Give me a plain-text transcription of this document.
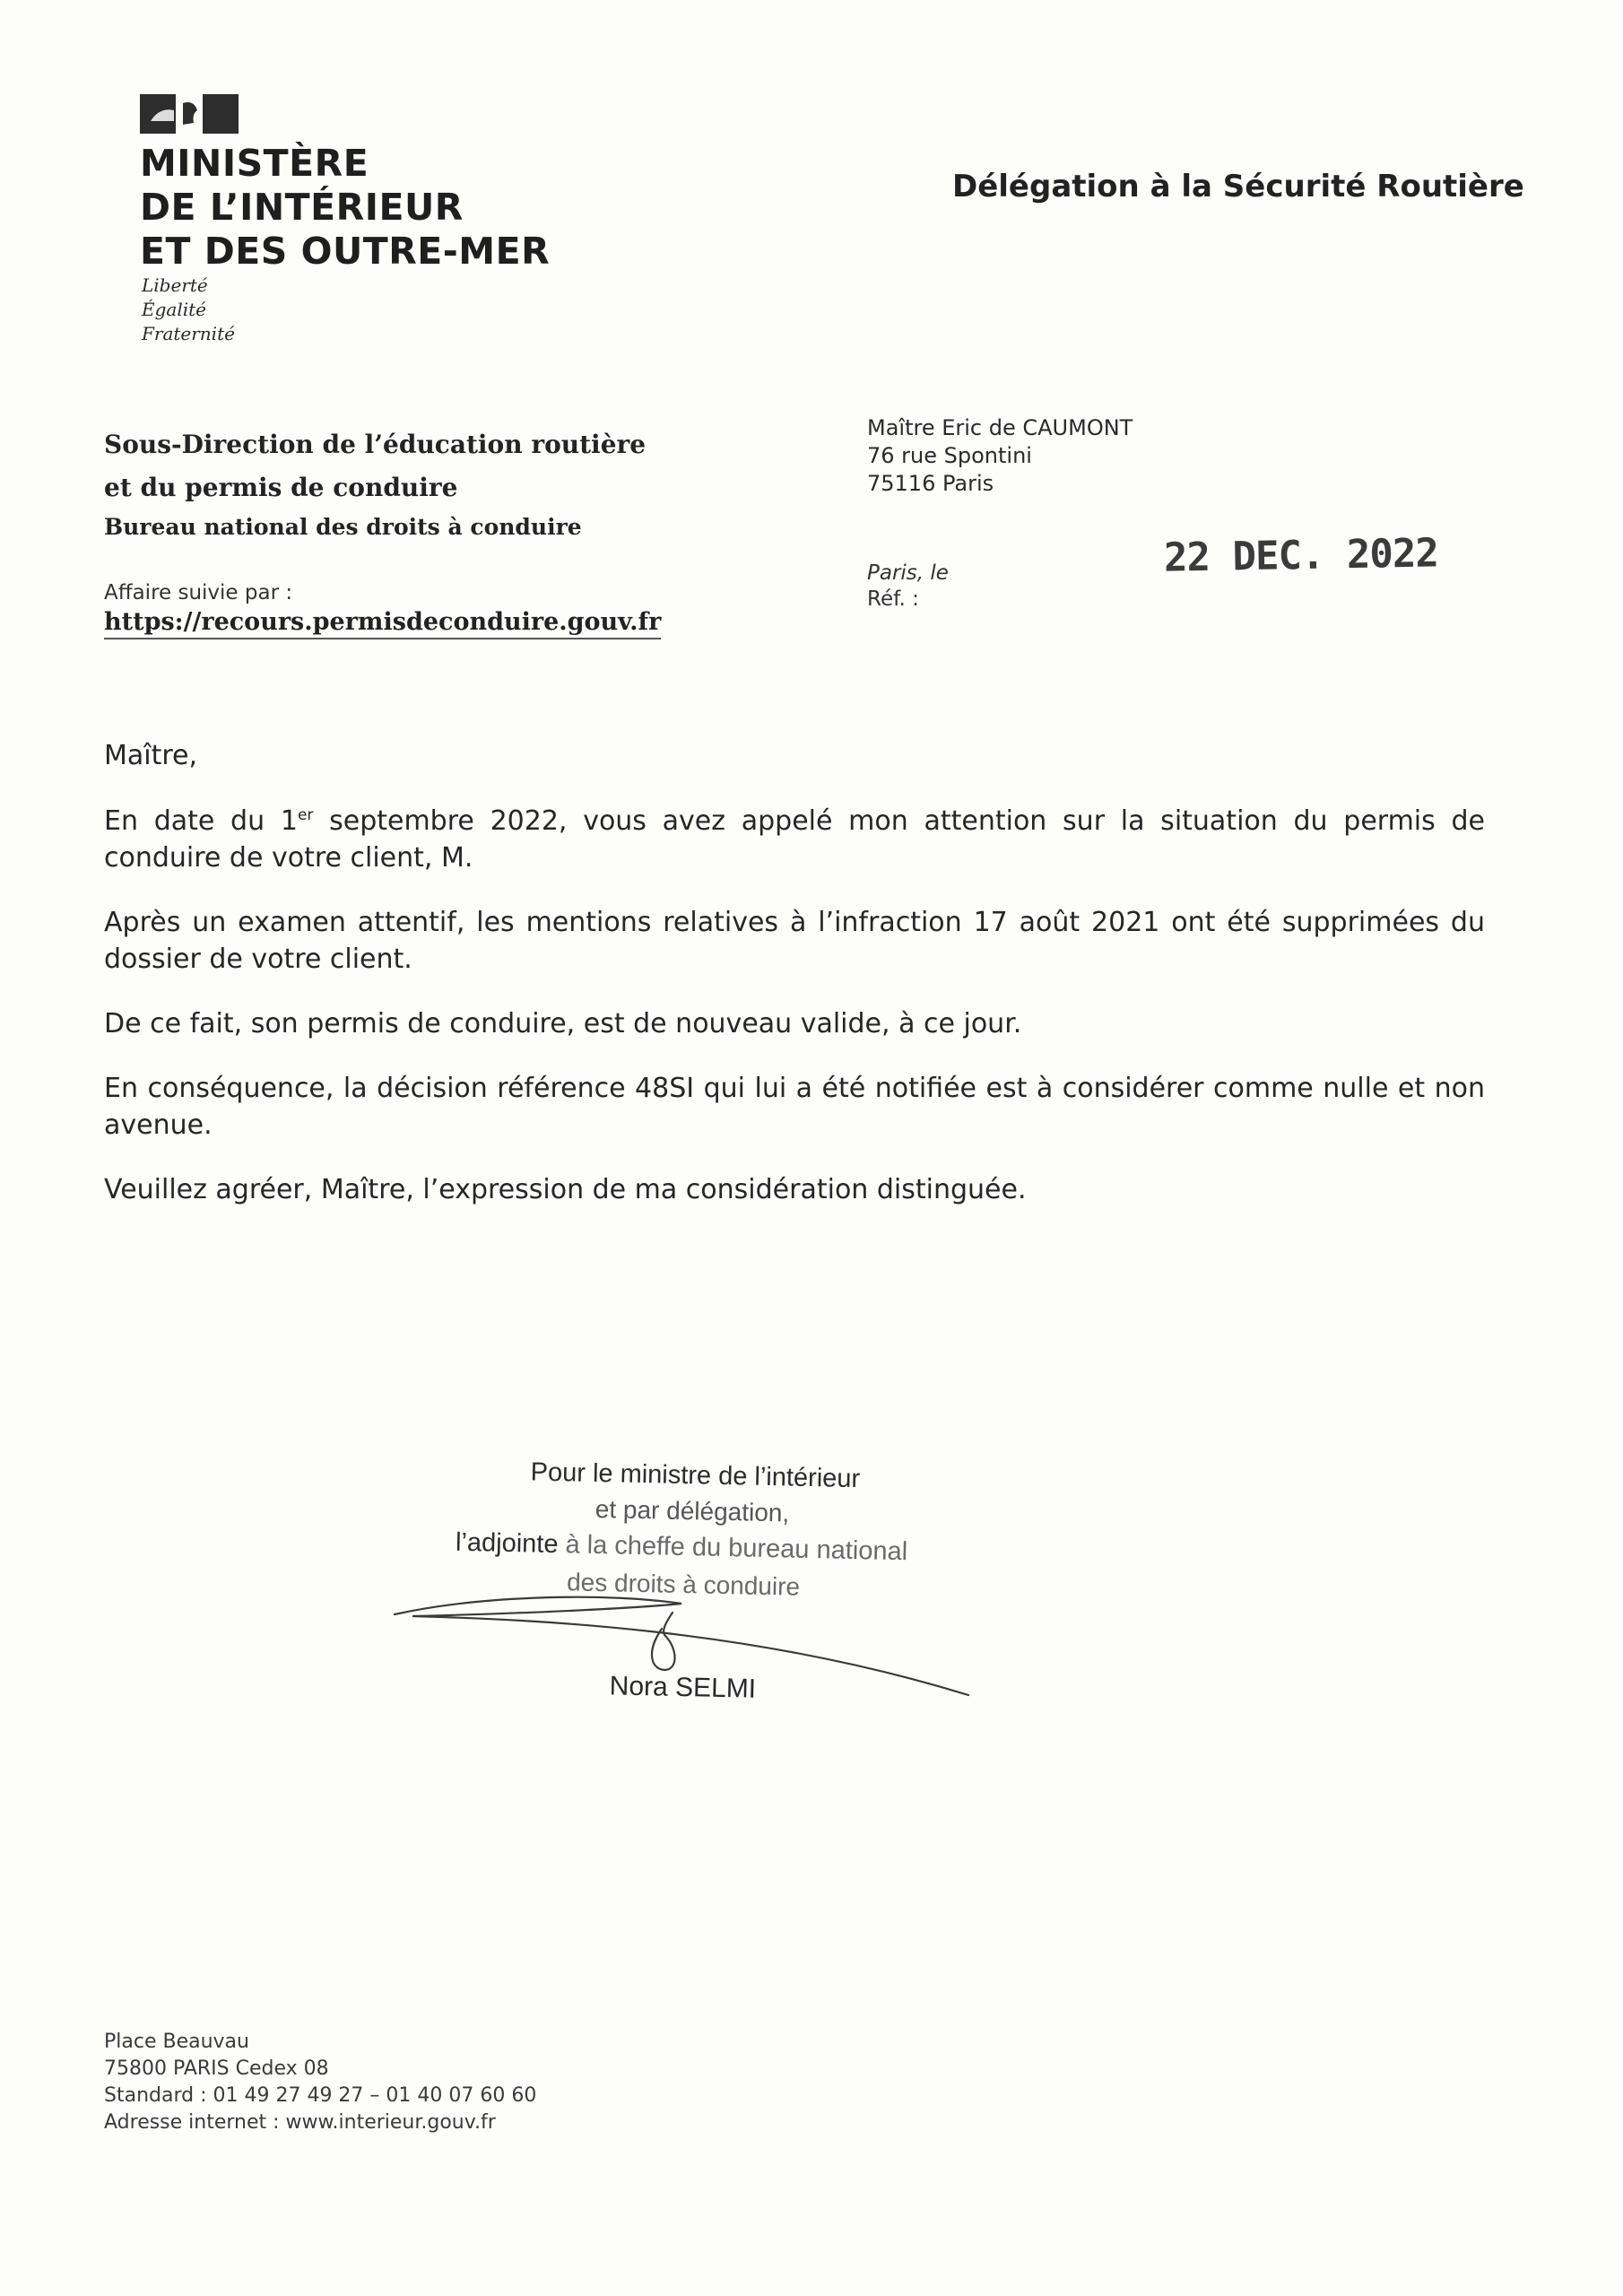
MINISTÈRE
DE L’INTÉRIEUR
ET DES OUTRE-MER
Liberté
Égalité
Fraternité
Délégation à la Sécurité Routière
Sous-Direction de l’éducation routière
et du permis de conduire
Bureau national des droits à conduire
Affaire suivie par :
https://recours.permisdeconduire.gouv.fr
Maître Eric de CAUMONT
76 rue Spontini
75116 Paris
Paris, le
Réf. :
22 DEC. 2022

Maître,

En date du 1er septembre 2022, vous avez appelé mon attention sur la situation du permis de conduire de votre client, M.

Après un examen attentif, les mentions relatives à l’infraction 17 août 2021 ont été supprimées du dossier de votre client.

De ce fait, son permis de conduire, est de nouveau valide, à ce jour.

En conséquence, la décision référence 48SI qui lui a été notifiée est à considérer comme nulle et non avenue.

Veuillez agréer, Maître, l’expression de ma considération distinguée.

Pour le ministre de l’intérieur
et par délégation,
l’adjointe à la cheffe du bureau national
des droits à conduire
Nora SELMI
Place Beauvau
75800 PARIS Cedex 08
Standard : 01 49 27 49 27 – 01 40 07 60 60
Adresse internet : www.interieur.gouv.fr
